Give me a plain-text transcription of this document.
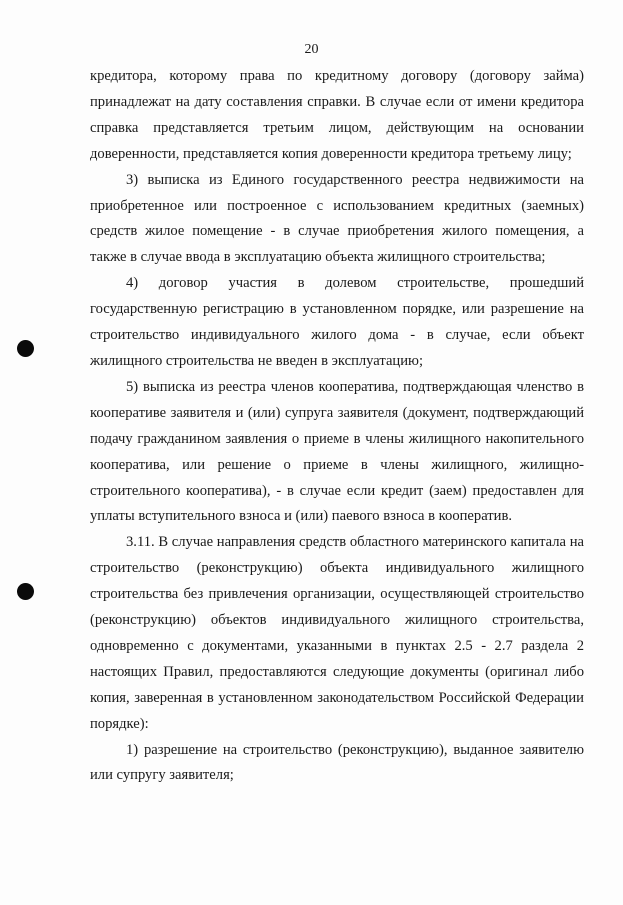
20

кредитора, которому права по кредитному договору (договору займа) принадлежат на дату составления справки. В случае если от имени кредитора справка представляется третьим лицом, действующим на основании доверенности, представляется копия доверенности кредитора третьему лицу;

3) выписка из Единого государственного реестра недвижимости на приобретенное или построенное с использованием кредитных (заемных) средств жилое помещение - в случае приобретения жилого помещения, а также в случае ввода в эксплуатацию объекта жилищного строительства;

4) договор участия в долевом строительстве, прошедший государственную регистрацию в установленном порядке, или разрешение на строительство индивидуального жилого дома - в случае, если объект жилищного строительства не введен в эксплуатацию;

5) выписка из реестра членов кооператива, подтверждающая членство в кооперативе заявителя и (или) супруга заявителя (документ, подтверждающий подачу гражданином заявления о приеме в члены жилищного накопительного кооператива, или решение о приеме в члены жилищного, жилищно-строительного кооператива), - в случае если кредит (заем) предоставлен для уплаты вступительного взноса и (или) паевого взноса в кооператив.

3.11. В случае направления средств областного материнского капитала на строительство (реконструкцию) объекта индивидуального жилищного строительства без привлечения организации, осуществляющей строительство (реконструкцию) объектов индивидуального жилищного строительства, одновременно с документами, указанными в пунктах 2.5 - 2.7 раздела 2 настоящих Правил, предоставляются следующие документы (оригинал либо копия, заверенная в установленном законодательством Российской Федерации порядке):

1) разрешение на строительство (реконструкцию), выданное заявителю или супругу заявителя;
